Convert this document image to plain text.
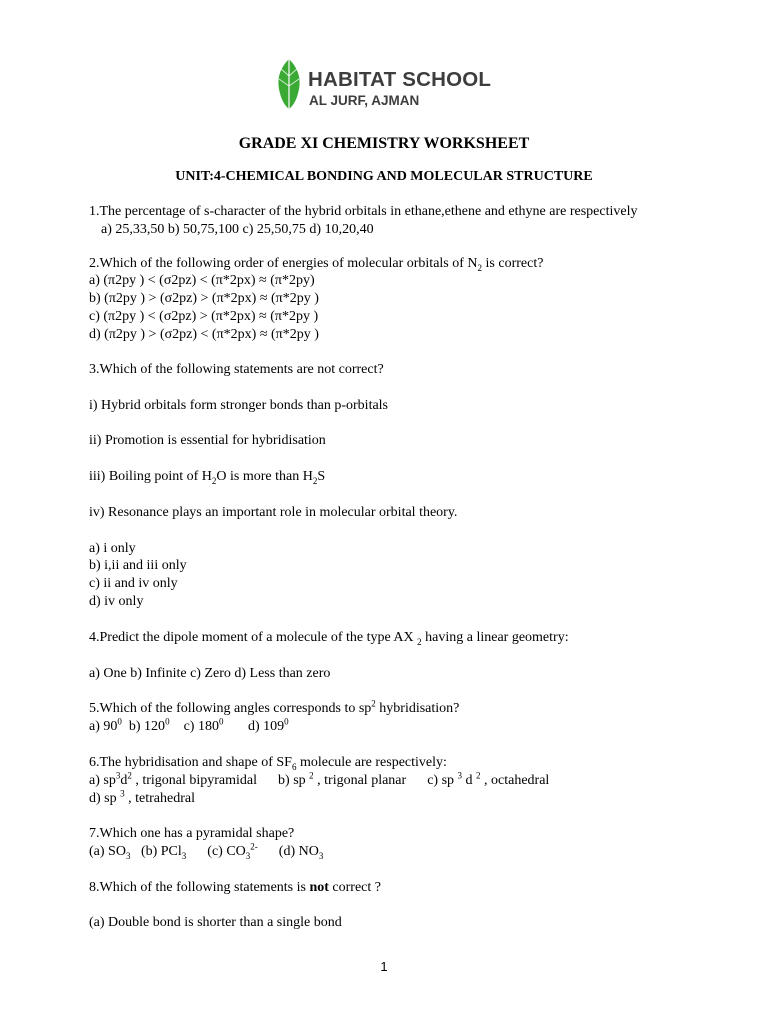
HABITAT SCHOOL
AL JURF, AJMAN
GRADE XI CHEMISTRY WORKSHEET
UNIT:4-CHEMICAL BONDING AND MOLECULAR STRUCTURE
1.The percentage of s-character of the hybrid orbitals in ethane,ethene and ethyne are respectively
a) 25,33,50 b) 50,75,100 c) 25,50,75 d) 10,20,40
2.Which of the following order of energies of molecular orbitals of $N_2$ is correct?
a) (π2py ) < (σ2pz) < (π*2px) ≈ (π*2py)
b) (π2py ) > (σ2pz) > (π*2px) ≈ (π*2py )
c) (π2py ) < (σ2pz) > (π*2px) ≈ (π*2py )
d) (π2py ) > (σ2pz) < (π*2px) ≈ (π*2py )
3.Which of the following statements are not correct?
i) Hybrid orbitals form stronger bonds than p-orbitals
ii) Promotion is essential for hybridisation
iii) Boiling point of $H_2O$ is more than $H_2S$
iv) Resonance plays an important role in molecular orbital theory.
a) i only
b) i,ii and iii only
c) ii and iv only
d) iv only
4.Predict the dipole moment of a molecule of the type AX $_2$ having a linear geometry:
a) One b) Infinite c) Zero d) Less than zero
5.Which of the following angles corresponds to $sp^2$ hybridisation?
a) $90^0$ b) $120^0$ c) $180^0$ d) $109^0$
6.The hybridisation and shape of $SF_6$ molecule are respectively:
a) $sp^3d^2$ , trigonal bipyramidal b) sp $^2$ , trigonal planar c) sp $^3$ d $^2$ , octahedral
d) sp $^3$ , tetrahedral
7.Which one has a pyramidal shape?
(a) $SO_3$ (b) PCl$_3$ (c) $CO_3^{2-}$ (d) $NO_3$
8.Which of the following statements is not correct ?
(a) Double bond is shorter than a single bond
1
